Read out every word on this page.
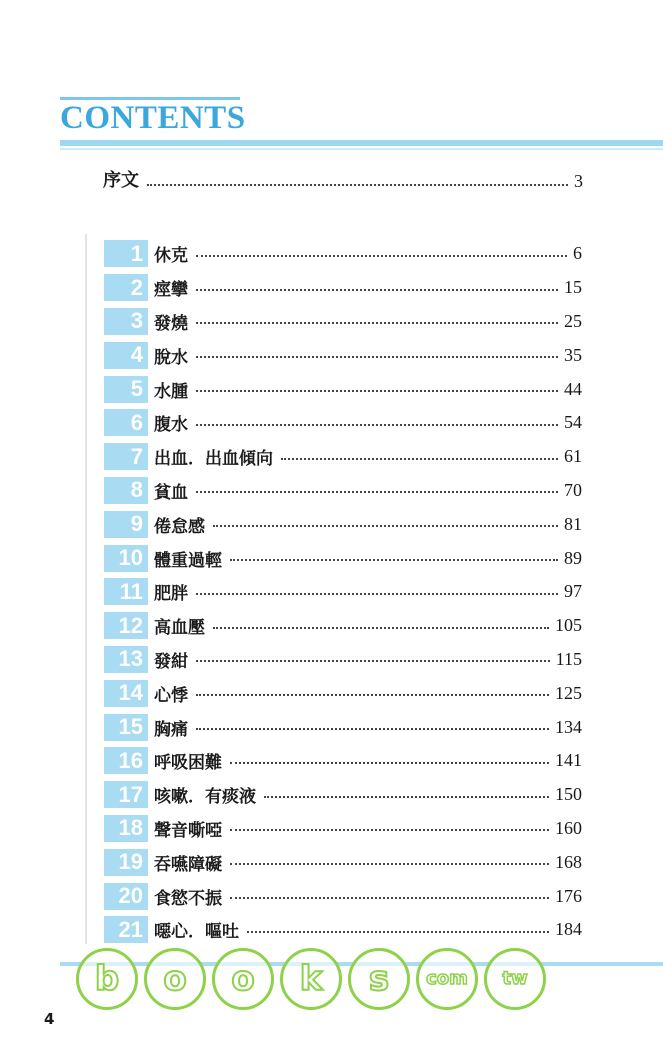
CONTENTS
序文	3
1 休克	6
2 痙攣	15
3 發燒	25
4 脫水	35
5 水腫	44
6 腹水	54
7 出血．出血傾向	61
8 貧血	70
9 倦怠感	81
10 體重過輕	89
11 肥胖	97
12 高血壓	105
13 發紺	115
14 心悸	125
15 胸痛	134
16 呼吸困難	141
17 咳嗽．有痰液	150
18 聲音嘶啞	160
19 吞嚥障礙	168
20 食慾不振	176
21 噁心．嘔吐	184
4
b o o k s com tw
